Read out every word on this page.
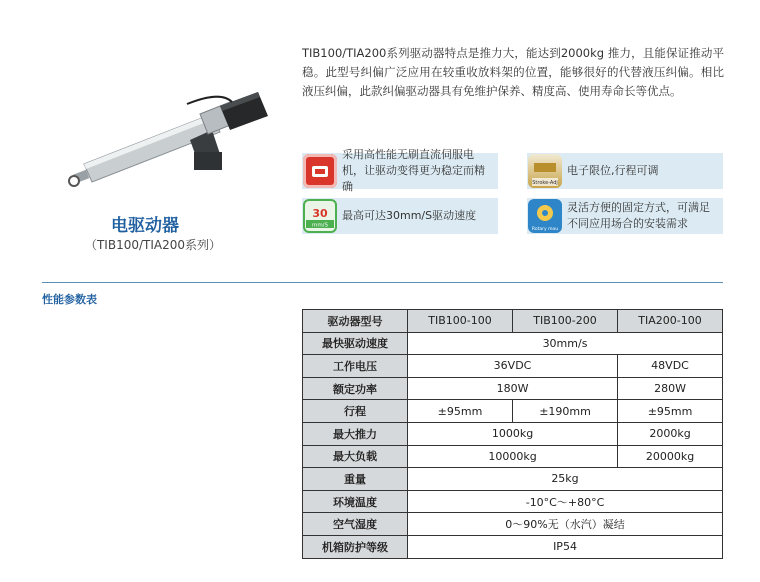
电驱动器
（TIB100/TIA200系列）
TIB100/TIA200系列驱动器特点是推力大，能达到2000kg 推力，且能保证推动平稳。此型号纠偏广泛应用在较重收放料架的位置，能够很好的代替液压纠偏。相比液压纠偏，此款纠偏驱动器具有免维护保养、精度高、使用寿命长等优点。
采用高性能无刷直流伺服电机，让驱动变得更为稳定而精确	Stroke-Adj
电子限位,行程可调
30
mm/S
最高可达30mm/S驱动速度
Rotary mou
灵活方便的固定方式，可满足不同应用场合的安装需求
性能参数表
驱动器型号	TIB100-100	TIB100-200	TIA200-100
最快驱动速度	30mm/s		
工作电压	36VDC		48VDC
额定功率	180W		280W
行程	±95mm	±190mm	±95mm
最大推力	1000kg		2000kg
最大负载	10000kg		20000kg
重量	25kg		
环境温度	-10°C～+80°C		
空气湿度	0～90%无（水汽）凝结		
机箱防护等级	IP54		
